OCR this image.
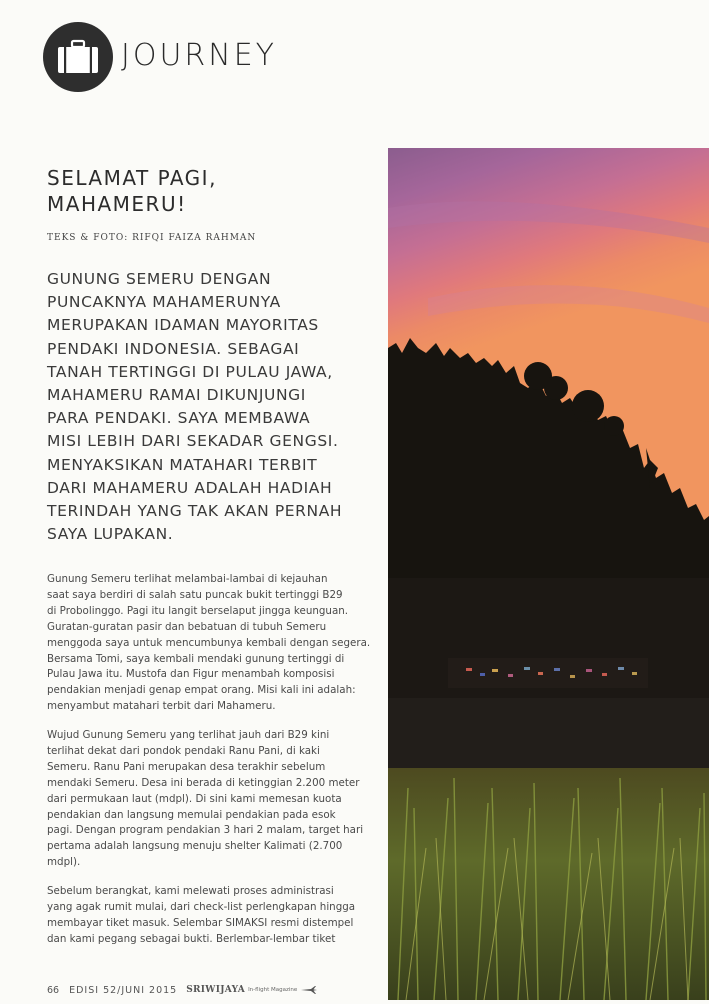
JOURNEY
SELAMAT PAGI,
MAHAMERU!
TEKS & FOTO: RIFQI FAIZA RAHMAN
GUNUNG SEMERU DENGAN
PUNCAKNYA MAHAMERUNYA
MERUPAKAN IDAMAN MAYORITAS
PENDAKI INDONESIA. SEBAGAI
TANAH TERTINGGI DI PULAU JAWA,
MAHAMERU RAMAI DIKUNJUNGI
PARA PENDAKI. SAYA MEMBAWA
MISI LEBIH DARI SEKADAR GENGSI.
MENYAKSIKAN MATAHARI TERBIT
DARI MAHAMERU ADALAH HADIAH
TERINDAH YANG TAK AKAN PERNAH
SAYA LUPAKAN.
Gunung Semeru terlihat melambai-lambai di kejauhan
saat saya berdiri di salah satu puncak bukit tertinggi B29
di Probolinggo. Pagi itu langit berselaput jingga keunguan.
Guratan-guratan pasir dan bebatuan di tubuh Semeru
menggoda saya untuk mencumbunya kembali dengan segera.
Bersama Tomi, saya kembali mendaki gunung tertinggi di
Pulau Jawa itu. Mustofa dan Figur menambah komposisi
pendakian menjadi genap empat orang. Misi kali ini adalah:
menyambut matahari terbit dari Mahameru.
Wujud Gunung Semeru yang terlihat jauh dari B29 kini
terlihat dekat dari pondok pendaki Ranu Pani, di kaki
Semeru. Ranu Pani merupakan desa terakhir sebelum
mendaki Semeru. Desa ini berada di ketinggian 2.200 meter
dari permukaan laut (mdpl). Di sini kami memesan kuota
pendakian dan langsung memulai pendakian pada esok
pagi. Dengan program pendakian 3 hari 2 malam, target hari
pertama adalah langsung menuju shelter Kalimati (2.700
mdpl).
Sebelum berangkat, kami melewati proses administrasi
yang agak rumit mulai, dari check-list perlengkapan hingga
membayar tiket masuk. Selembar SIMAKSI resmi distempel
dan kami pegang sebagai bukti. Berlembar-lembar tiket
66 EDISI 52/JUNI 2015 SRIWIJAYA In-flight Magazine
